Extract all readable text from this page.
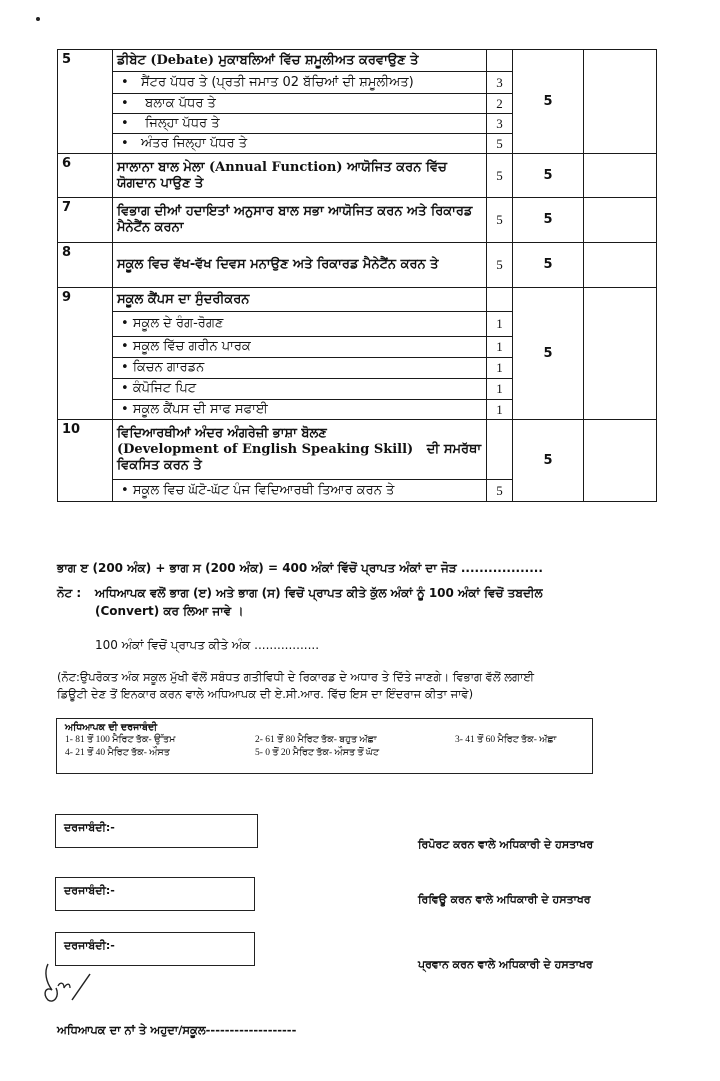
5	ਡੀਬੇਟ (Debate) ਮੁਕਾਬਲਿਆਂ ਵਿੱਚ ਸ਼ਮੂਲੀਅਤ ਕਰਵਾਉਣ ਤੇ		5	
	• ਸੈਂਟਰ ਪੱਧਰ ਤੇ (ਪ੍ਰਤੀ ਜਮਾਤ 02 ਬੱਚਿਆਂ ਦੀ ਸ਼ਮੂਲੀਅਤ)	3		
	• ਬਲਾਕ ਪੱਧਰ ਤੇ	2		
	• ਜਿਲ੍ਹਾ ਪੱਧਰ ਤੇ	3		
	• ਅੰਤਰ ਜਿਲ੍ਹਾ ਪੱਧਰ ਤੇ	5		
6	ਸਾਲਾਨਾ ਬਾਲ ਮੇਲਾ (Annual Function) ਆਯੋਜਿਤ ਕਰਨ ਵਿੱਚ ਯੋਗਦਾਨ ਪਾਉਣ ਤੇ	5	5	
7	ਵਿਭਾਗ ਦੀਆਂ ਹਦਾਇਤਾਂ ਅਨੁਸਾਰ ਬਾਲ ਸਭਾ ਆਯੋਜਿਤ ਕਰਨ ਅਤੇ ਰਿਕਾਰਡ ਮੈਨੇਟੈਂਨ ਕਰਨਾ	5	5	
8	ਸਕੂਲ ਵਿਚ ਵੱਖ-ਵੱਖ ਦਿਵਸ ਮਨਾਉਣ ਅਤੇ ਰਿਕਾਰਡ ਮੈਨੇਟੈਂਨ ਕਰਨ ਤੇ	5	5	
9	ਸਕੂਲ ਕੈਂਪਸ ਦਾ ਸੁੰਦਰੀਕਰਨ		5	
	• ਸਕੂਲ ਦੇ ਰੰਗ-ਰੋਗਣ	1		
	• ਸਕੂਲ ਵਿੱਚ ਗਰੀਨ ਪਾਰਕ	1		
	• ਕਿਚਨ ਗਾਰਡਨ	1		
	• ਕੰਪੋਜਿਟ ਪਿਟ	1		
	• ਸਕੂਲ ਕੈਂਪਸ ਦੀ ਸਾਫ ਸਫਾਈ	1		
10	ਵਿਦਿਆਰਥੀਆਂ ਅੰਦਰ ਅੰਗਰੇਜ਼ੀ ਭਾਸ਼ਾ ਬੋਲਣ
(Development of English Speaking Skill) ਦੀ ਸਮਰੱਥਾ ਵਿਕਸਿਤ ਕਰਨ ਤੇ		5	
	• ਸਕੂਲ ਵਿਚ ਘੱਟੋ-ਘੱਟ ਪੰਜ ਵਿਦਿਆਰਥੀ ਤਿਆਰ ਕਰਨ ਤੇ	5		
ਭਾਗ ੲ (200 ਅੰਕ) + ਭਾਗ ਸ (200 ਅੰਕ) = 400 ਅੰਕਾਂ ਵਿੱਚੋਂ ਪ੍ਰਾਪਤ ਅੰਕਾਂ ਦਾ ਜੋੜ ..................
ਨੋਟ : ਅਧਿਆਪਕ ਵਲੋਂ ਭਾਗ (ੲ) ਅਤੇ ਭਾਗ (ਸ) ਵਿਚੋਂ ਪ੍ਰਾਪਤ ਕੀਤੇ ਕੁੱਲ ਅੰਕਾਂ ਨੂੰ 100 ਅੰਕਾਂ ਵਿਚੋਂ ਤਬਦੀਲ
(Convert) ਕਰ ਲਿਆ ਜਾਵੇ ।
100 ਅੰਕਾਂ ਵਿਚੋਂ ਪ੍ਰਾਪਤ ਕੀਤੇ ਅੰਕ .................
(ਨੋਟ:ਉਪਰੋਕਤ ਅੰਕ ਸਕੂਲ ਮੁੱਖੀ ਵੱਲੋਂ ਸਬੰਧਤ ਗਤੀਵਿਧੀ ਦੇ ਰਿਕਾਰਡ ਦੇ ਅਧਾਰ ਤੇ ਦਿੱਤੇ ਜਾਣਗੇ। ਵਿਭਾਗ ਵੱਲੋਂ ਲਗਾਈ
ਡਿਊਟੀ ਦੇਣ ਤੋਂ ਇਨਕਾਰ ਕਰਨ ਵਾਲੇ ਅਧਿਆਪਕ ਦੀ ਏ.ਸੀ.ਆਰ. ਵਿੱਚ ਇਸ ਦਾ ਇੰਦਰਾਜ ਕੀਤਾ ਜਾਵੇ)
ਅਧਿਆਪਕ ਦੀ ਦਰਜਾਬੰਦੀ
1- 81 ਤੋਂ 100 ਮੈਰਿਟ ਤੱਕ- ਉੱਤਮ	2- 61 ਤੋਂ 80 ਮੈਰਿਟ ਤੱਕ- ਬਹੁਤ ਅੱਛਾ	3- 41 ਤੋਂ 60 ਮੈਰਿਟ ਤੱਕ- ਅੱਛਾ
4- 21 ਤੋਂ 40 ਮੈਰਿਟ ਤੱਕ- ਔਸਤ	5- 0 ਤੋਂ 20 ਮੈਰਿਟ ਤੱਕ- ਔਸਤ ਤੋਂ ਘੱਟ
ਦਰਜਾਬੰਦੀ:-
ਰਿਪੋਰਟ ਕਰਨ ਵਾਲੇ ਅਧਿਕਾਰੀ ਦੇ ਹਸਤਾਖਰ
ਦਰਜਾਬੰਦੀ:-
ਰਿਵਿਊ ਕਰਨ ਵਾਲੇ ਅਧਿਕਾਰੀ ਦੇ ਹਸਤਾਖਰ
ਦਰਜਾਬੰਦੀ:-
ਪ੍ਰਵਾਨ ਕਰਨ ਵਾਲੇ ਅਧਿਕਾਰੀ ਦੇ ਹਸਤਾਖਰ
ਅਧਿਆਪਕ ਦਾ ਨਾਂ ਤੇ ਅਹੁਦਾ/ਸਕੂਲ-------------------
